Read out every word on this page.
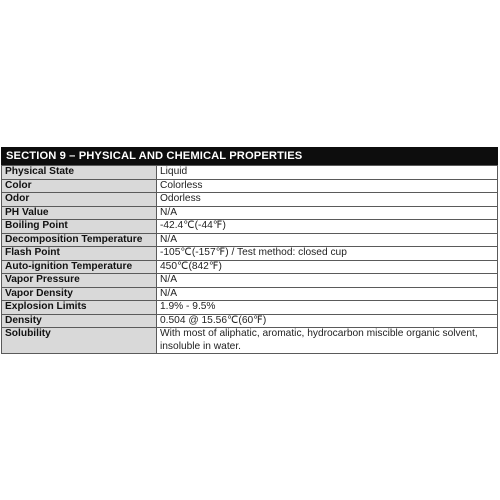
SECTION 9 – PHYSICAL AND CHEMICAL PROPERTIES
Physical State	Liquid
Color	Colorless
Odor	Odorless
PH Value	N/A
Boiling Point	-42.4℃(-44℉)
Decomposition Temperature	N/A
Flash Point	-105℃(-157℉) / Test method: closed cup
Auto-ignition Temperature	450℃(842℉)
Vapor Pressure	N/A
Vapor Density	N/A
Explosion Limits	1.9% - 9.5%
Density	0.504 @ 15.56℃(60℉)
Solubility	With most of aliphatic, aromatic, hydrocarbon miscible organic solvent, insoluble in water.
